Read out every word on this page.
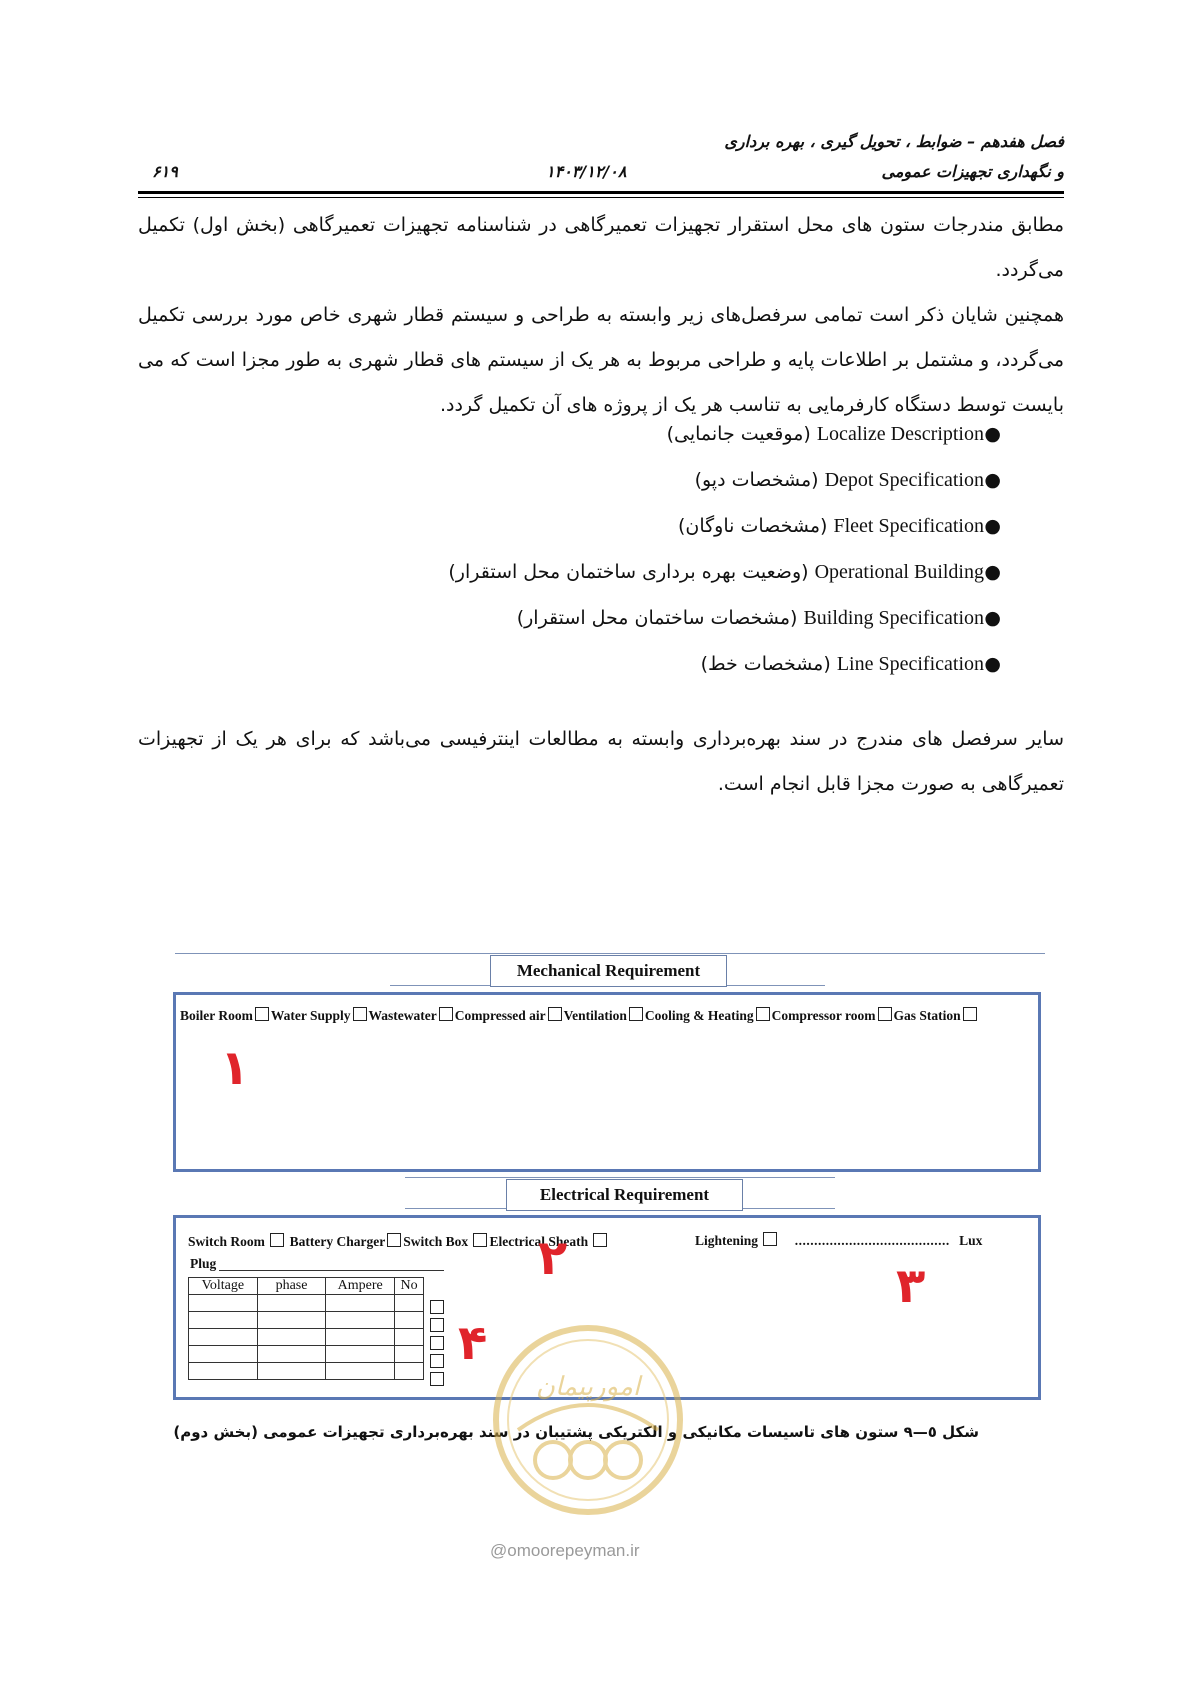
فصل هفدهم – ضوابط ، تحویل گیری ، بهره برداری
و نگهداری تجهیزات عمومی
۱۴۰۳/۱۲/۰۸
۶۱۹

مطابق مندرجات ستون های محل استقرار تجهیزات تعمیرگاهی در شناسنامه تجهیزات تعمیرگاهی (بخش اول) تکمیل می‌گردد.

همچنین شایان ذکر است تمامی سرفصل‌های زیر وابسته به طراحی و سیستم قطار شهری خاص مورد بررسی تکمیل می‌گردد، و مشتمل بر اطلاعات پایه و طراحی مربوط به هر یک از سیستم های قطار شهری به طور مجزا است که می بایست توسط دستگاه کارفرمایی به تناسب هر یک از پروژه های آن تکمیل گردد.

●
Localize Description (موقعیت جانمایی)
●
Depot Specification (مشخصات دپو)
●
Fleet Specification (مشخصات ناوگان)
●
Operational Building (وضعیت بهره برداری ساختمان محل استقرار)
●
Building Specification (مشخصات ساختمان محل استقرار)
●
Line Specification (مشخصات خط)

سایر سرفصل های مندرج در سند بهره‌برداری وابسته به مطالعات اینترفیسی می‌باشد که برای هر یک از تجهیزات تعمیرگاهی به صورت مجزا قابل انجام است.

Mechanical Requirement
Boiler Room Water Supply Wastewater Compressed air Ventilation Cooling & Heating Compressor room Gas Station
۱
Electrical Requirement
Switch Room Battery Charger Switch Box Electrical Sheath	Lightening	........................................ Lux
Plug
Voltage	phase	Ampere	No

				۲	۳
۴
شکل ٥—٩ ستون های تاسیسات مکانیکی و الکتریکی پشتیبان در سند بهره‌برداری تجهیزات عمومی (بخش دوم)
امورپیمان
@omoorepeyman.ir
